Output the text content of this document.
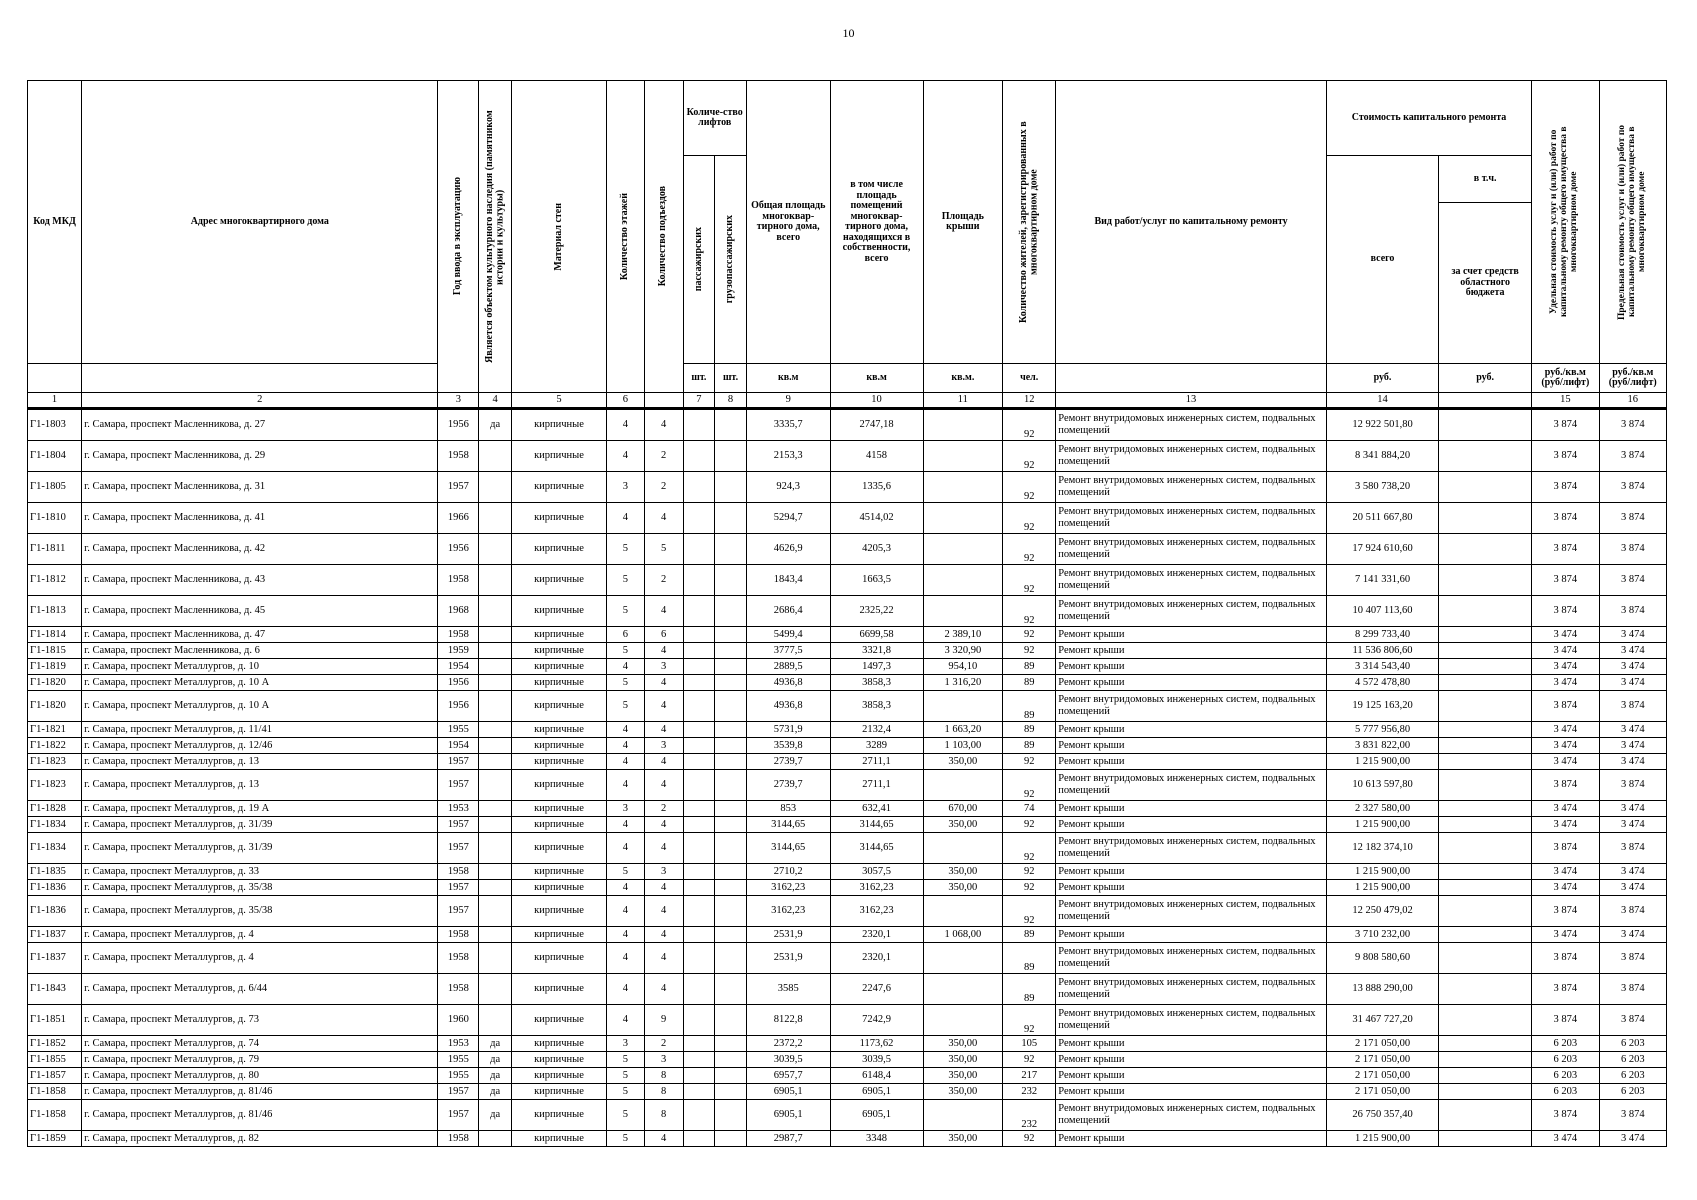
10
Код МКД	Адрес многоквартирного дома	Год ввода в эксплуатацию	Является объектом культурного наследия (памятником истории и культуры)	Материал стен	Количество этажей	Количество подъездов	Количе-ство лифтов		Общая площадь многоквар-тирного дома, всего	в том числе площадь помещений многоквар-тирного дома, находящихся в собственности, всего	Площадь крыши	Количество жителей, зарегистрированных в многоквартирном доме	Вид работ/услуг по капитальному ремонту	Стоимость капитального ремонта		Удельная стоимость услуг и (или) работ по капитальному ремонту общего имущества в многоквартирном доме	Предельная стоимость услуг и (или) работ по капитальному ремонту общего имущества в многоквартирном доме

							пассажирских	грузопассажирских						всего	в т.ч.		
															за счет средств областного бюджета		
							шт.	шт.	кв.м	кв.м	кв.м.	чел.		руб.	руб.	руб./кв.м (руб/лифт)	руб./кв.м (руб/лифт)
1	2	3	4	5	6		7	8	9	10	11	12	13	14		15	16
Г1-1803	г. Самара, проспект Масленникова, д. 27	1956	да	кирпичные	4	4			3335,7	2747,18		92	Ремонт внутридомовых инженерных систем, подвальных помещений	12 922 501,80		3 874	3 874
Г1-1804	г. Самара, проспект Масленникова, д. 29	1958		кирпичные	4	2			2153,3	4158		92	Ремонт внутридомовых инженерных систем, подвальных помещений	8 341 884,20		3 874	3 874
Г1-1805	г. Самара, проспект Масленникова, д. 31	1957		кирпичные	3	2			924,3	1335,6		92	Ремонт внутридомовых инженерных систем, подвальных помещений	3 580 738,20		3 874	3 874
Г1-1810	г. Самара, проспект Масленникова, д. 41	1966		кирпичные	4	4			5294,7	4514,02		92	Ремонт внутридомовых инженерных систем, подвальных помещений	20 511 667,80		3 874	3 874
Г1-1811	г. Самара, проспект Масленникова, д. 42	1956		кирпичные	5	5			4626,9	4205,3		92	Ремонт внутридомовых инженерных систем, подвальных помещений	17 924 610,60		3 874	3 874
Г1-1812	г. Самара, проспект Масленникова, д. 43	1958		кирпичные	5	2			1843,4	1663,5		92	Ремонт внутридомовых инженерных систем, подвальных помещений	7 141 331,60		3 874	3 874
Г1-1813	г. Самара, проспект Масленникова, д. 45	1968		кирпичные	5	4			2686,4	2325,22		92	Ремонт внутридомовых инженерных систем, подвальных помещений	10 407 113,60		3 874	3 874
Г1-1814	г. Самара, проспект Масленникова, д. 47	1958		кирпичные	6	6			5499,4	6699,58	2 389,10	92	Ремонт крыши	8 299 733,40		3 474	3 474
Г1-1815	г. Самара, проспект Масленникова, д. 6	1959		кирпичные	5	4			3777,5	3321,8	3 320,90	92	Ремонт крыши	11 536 806,60		3 474	3 474
Г1-1819	г. Самара, проспект Металлургов, д. 10	1954		кирпичные	4	3			2889,5	1497,3	954,10	89	Ремонт крыши	3 314 543,40		3 474	3 474
Г1-1820	г. Самара, проспект Металлургов, д. 10 А	1956		кирпичные	5	4			4936,8	3858,3	1 316,20	89	Ремонт крыши	4 572 478,80		3 474	3 474
Г1-1820	г. Самара, проспект Металлургов, д. 10 А	1956		кирпичные	5	4			4936,8	3858,3		89	Ремонт внутридомовых инженерных систем, подвальных помещений	19 125 163,20		3 874	3 874
Г1-1821	г. Самара, проспект Металлургов, д. 11/41	1955		кирпичные	4	4			5731,9	2132,4	1 663,20	89	Ремонт крыши	5 777 956,80		3 474	3 474
Г1-1822	г. Самара, проспект Металлургов, д. 12/46	1954		кирпичные	4	3			3539,8	3289	1 103,00	89	Ремонт крыши	3 831 822,00		3 474	3 474
Г1-1823	г. Самара, проспект Металлургов, д. 13	1957		кирпичные	4	4			2739,7	2711,1	350,00	92	Ремонт крыши	1 215 900,00		3 474	3 474
Г1-1823	г. Самара, проспект Металлургов, д. 13	1957		кирпичные	4	4			2739,7	2711,1		92	Ремонт внутридомовых инженерных систем, подвальных помещений	10 613 597,80		3 874	3 874
Г1-1828	г. Самара, проспект Металлургов, д. 19 А	1953		кирпичные	3	2			853	632,41	670,00	74	Ремонт крыши	2 327 580,00		3 474	3 474
Г1-1834	г. Самара, проспект Металлургов, д. 31/39	1957		кирпичные	4	4			3144,65	3144,65	350,00	92	Ремонт крыши	1 215 900,00		3 474	3 474
Г1-1834	г. Самара, проспект Металлургов, д. 31/39	1957		кирпичные	4	4			3144,65	3144,65		92	Ремонт внутридомовых инженерных систем, подвальных помещений	12 182 374,10		3 874	3 874
Г1-1835	г. Самара, проспект Металлургов, д. 33	1958		кирпичные	5	3			2710,2	3057,5	350,00	92	Ремонт крыши	1 215 900,00		3 474	3 474
Г1-1836	г. Самара, проспект Металлургов, д. 35/38	1957		кирпичные	4	4			3162,23	3162,23	350,00	92	Ремонт крыши	1 215 900,00		3 474	3 474
Г1-1836	г. Самара, проспект Металлургов, д. 35/38	1957		кирпичные	4	4			3162,23	3162,23		92	Ремонт внутридомовых инженерных систем, подвальных помещений	12 250 479,02		3 874	3 874
Г1-1837	г. Самара, проспект Металлургов, д. 4	1958		кирпичные	4	4			2531,9	2320,1	1 068,00	89	Ремонт крыши	3 710 232,00		3 474	3 474
Г1-1837	г. Самара, проспект Металлургов, д. 4	1958		кирпичные	4	4			2531,9	2320,1		89	Ремонт внутридомовых инженерных систем, подвальных помещений	9 808 580,60		3 874	3 874
Г1-1843	г. Самара, проспект Металлургов, д. 6/44	1958		кирпичные	4	4			3585	2247,6		89	Ремонт внутридомовых инженерных систем, подвальных помещений	13 888 290,00		3 874	3 874
Г1-1851	г. Самара, проспект Металлургов, д. 73	1960		кирпичные	4	9			8122,8	7242,9		92	Ремонт внутридомовых инженерных систем, подвальных помещений	31 467 727,20		3 874	3 874
Г1-1852	г. Самара, проспект Металлургов, д. 74	1953	да	кирпичные	3	2			2372,2	1173,62	350,00	105	Ремонт крыши	2 171 050,00		6 203	6 203
Г1-1855	г. Самара, проспект Металлургов, д. 79	1955	да	кирпичные	5	3			3039,5	3039,5	350,00	92	Ремонт крыши	2 171 050,00		6 203	6 203
Г1-1857	г. Самара, проспект Металлургов, д. 80	1955	да	кирпичные	5	8			6957,7	6148,4	350,00	217	Ремонт крыши	2 171 050,00		6 203	6 203
Г1-1858	г. Самара, проспект Металлургов, д. 81/46	1957	да	кирпичные	5	8			6905,1	6905,1	350,00	232	Ремонт крыши	2 171 050,00		6 203	6 203
Г1-1858	г. Самара, проспект Металлургов, д. 81/46	1957	да	кирпичные	5	8			6905,1	6905,1		232	Ремонт внутридомовых инженерных систем, подвальных помещений	26 750 357,40		3 874	3 874
Г1-1859	г. Самара, проспект Металлургов, д. 82	1958		кирпичные	5	4			2987,7	3348	350,00	92	Ремонт крыши	1 215 900,00		3 474	3 474
